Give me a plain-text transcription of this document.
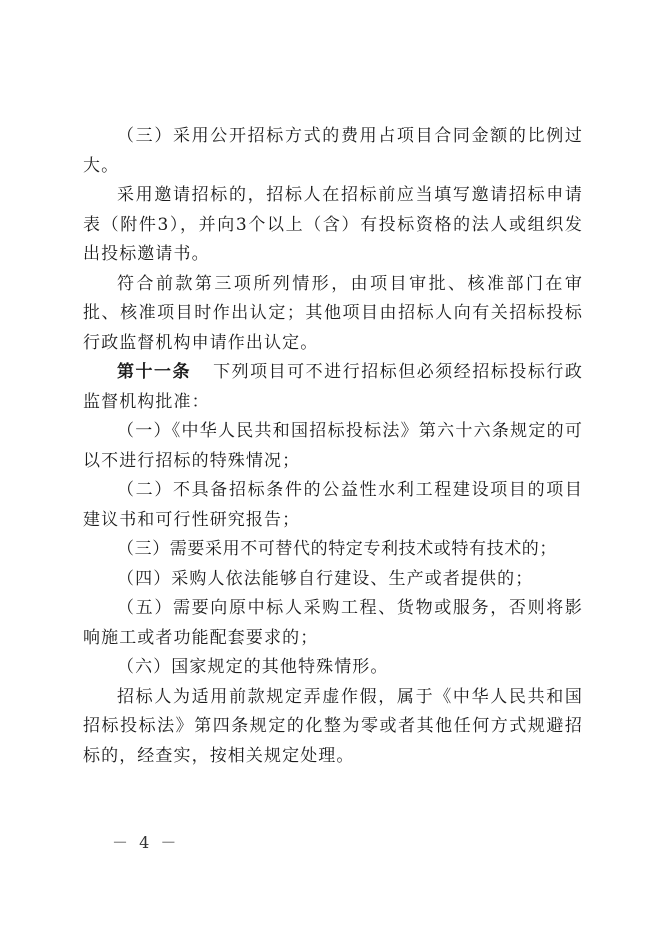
（三）采用公开招标方式的费用占项目合同金额的比例过大。

采用邀请招标的，招标人在招标前应当填写邀请招标申请表（附件3），并向3个以上（含）有投标资格的法人或组织发出投标邀请书。

符合前款第三项所列情形，由项目审批、核准部门在审批、核准项目时作出认定；其他项目由招标人向有关招标投标行政监督机构申请作出认定。

第十一条 下列项目可不进行招标但必须经招标投标行政监督机构批准：

（一）《中华人民共和国招标投标法》第六十六条规定的可以不进行招标的特殊情况；

（二）不具备招标条件的公益性水利工程建设项目的项目建议书和可行性研究报告；

（三）需要采用不可替代的特定专利技术或特有技术的；

（四）采购人依法能够自行建设、生产或者提供的；

（五）需要向原中标人采购工程、货物或服务，否则将影响施工或者功能配套要求的；

（六）国家规定的其他特殊情形。

招标人为适用前款规定弄虚作假，属于《中华人民共和国招标投标法》第四条规定的化整为零或者其他任何方式规避招标的，经查实，按相关规定处理。

－ 4 －
